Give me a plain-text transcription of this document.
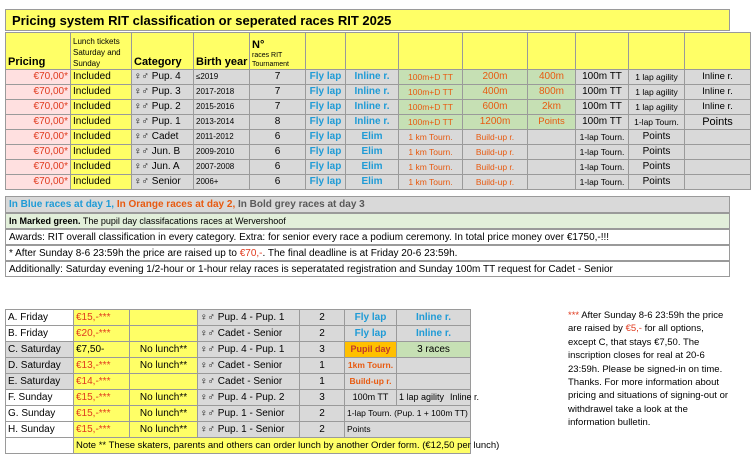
Pricing system RIT classification or seperated races RIT 2025
Pricing	Lunch tickets Saturday and Sunday	Category	Birth year	N°
races RIT Tournament								

€70,00*	Included	♀♂ Pup. 4	≤2019	7	Fly lap	Inline r.	100m+D TT	200m	400m	100m TT	1 lap agility	Inline r.
€70,00*	Included	♀♂ Pup. 3	2017-2018	7	Fly lap	Inline r.	100m+D TT	400m	800m	100m TT	1 lap agility	Inline r.
€70,00*	Included	♀♂ Pup. 2	2015-2016	7	Fly lap	Inline r.	100m+D TT	600m	2km	100m TT	1 lap agility	Inline r.
€70,00*	Included	♀♂ Pup. 1	2013-2014	8	Fly lap	Inline r.	100m+D TT	1200m	Points	100m TT	1-lap Tourn.	Points
€70,00*	Included	♀♂ Cadet	2011-2012	6	Fly lap	Elim	1 km Tourn.	Build-up r.		1-lap Tourn.	Points	
€70,00*	Included	♀♂ Jun. B	2009-2010	6	Fly lap	Elim	1 km Tourn.	Build-up r.		1-lap Tourn.	Points	
€70,00*	Included	♀♂ Jun. A	2007-2008	6	Fly lap	Elim	1 km Tourn.	Build-up r.		1-lap Tourn.	Points	
€70,00*	Included	♀♂ Senior	2006+	6	Fly lap	Elim	1 km Tourn.	Build-up r.		1-lap Tourn.	Points	
In Blue races at day 1, In Orange races at day 2, In Bold grey races at day 3
In Marked green. The pupil day classifacations races at Wervershoof
Awards: RIT overall classification in every category. Extra: for senior every race a podium ceremony. In total price money over €1750,-!!!
* After Sunday 8-6 23:59h the price are raised up to €70,-. The final deadline is at Friday 20-6 23:59h.
Additionally: Saturday evening 1/2-hour or 1-hour relay races is seperatated registration and Sunday 100m TT request for Cadet - Senior
A. Friday	€15,-***		♀♂ Pup. 4 - Pup. 1	2	Fly lap	Inline r.
B. Friday	€20,-***		♀♂ Cadet - Senior	2	Fly lap	Inline r.
C. Saturday	€7,50-	No lunch**	♀♂ Pup. 4 - Pup. 1	3	Pupil day	3 races
D. Saturday	€13,-***	No lunch**	♀♂ Cadet - Senior	1	1km Tourn.	
E. Saturday	€14,-***		♀♂ Cadet - Senior	1	Build-up r.	
F. Sunday	€15,-***	No lunch**	♀♂ Pup. 4 - Pup. 2	3	100m TT	1 lap agility Inline r.
G. Sunday	€15,-***	No lunch**	♀♂ Pup. 1 - Senior	2	1-lap Tourn. (Pup. 1 + 100m TT)	
H. Sunday	€15,-***	No lunch**	♀♂ Pup. 1 - Senior	2	Points	
	Note ** These skaters, parents and others can order lunch by another Order form. (€12,50 per lunch)					
*** After Sunday 8-6 23:59h the price are raised by €5,- for all options, except C, that stays €7,50. The inscription closes for real at 20-6 23:59h. Please be signed-in on time. Thanks. For more information about pricing and situations of signing-out or withdrawel take a look at the information bulletin.
